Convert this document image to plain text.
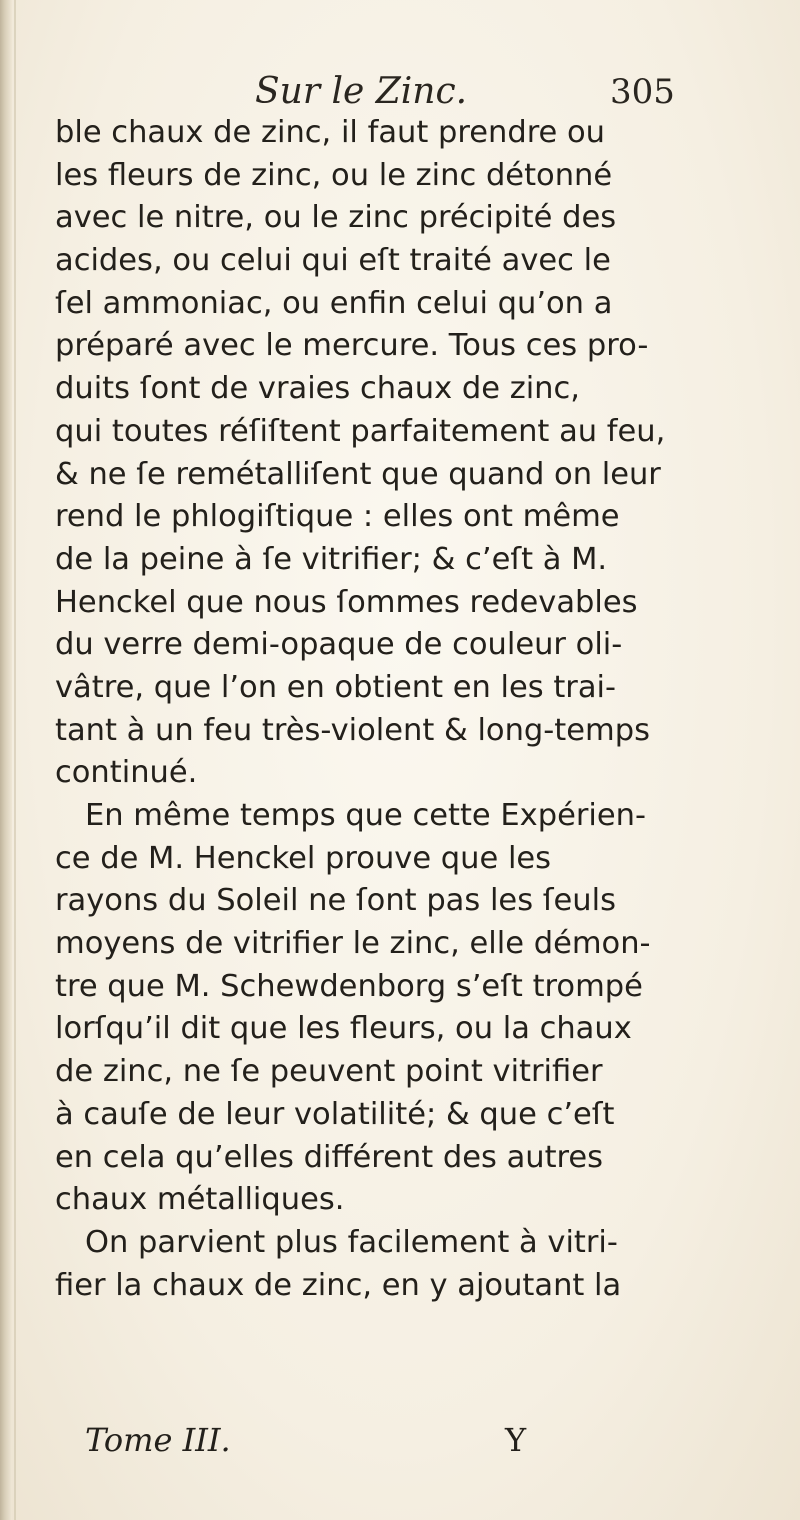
Sur le Zinc.	305
ble chaux de zinc, il faut prendre ou
les fleurs de zinc, ou le zinc détonné
avec le nitre, ou le zinc précipité des
acides, ou celui qui eſt traité avec le
ſel ammoniac, ou enfin celui qu’on a
préparé avec le mercure. Tous ces pro-
duits ſont de vraies chaux de zinc,
qui toutes réſiſtent parfaitement au feu,
& ne ſe remétalliſent que quand on leur
rend le phlogiſtique : elles ont même
de la peine à ſe vitrifier; & c’eſt à M.
Henckel que nous ſommes redevables
du verre demi-opaque de couleur oli-
vâtre, que l’on en obtient en les trai-
tant à un feu très-violent & long-temps
continué.
En même temps que cette Expérien-
ce de M. Henckel prouve que les
rayons du Soleil ne ſont pas les ſeuls
moyens de vitrifier le zinc, elle démon-
tre que M. Schewdenborg s’eſt trompé
lorſqu’il dit que les fleurs, ou la chaux
de zinc, ne ſe peuvent point vitrifier
à cauſe de leur volatilité; & que c’eſt
en cela qu’elles différent des autres
chaux métalliques.
On parvient plus facilement à vitri-
fier la chaux de zinc, en y ajoutant la
Tome III.	Y
